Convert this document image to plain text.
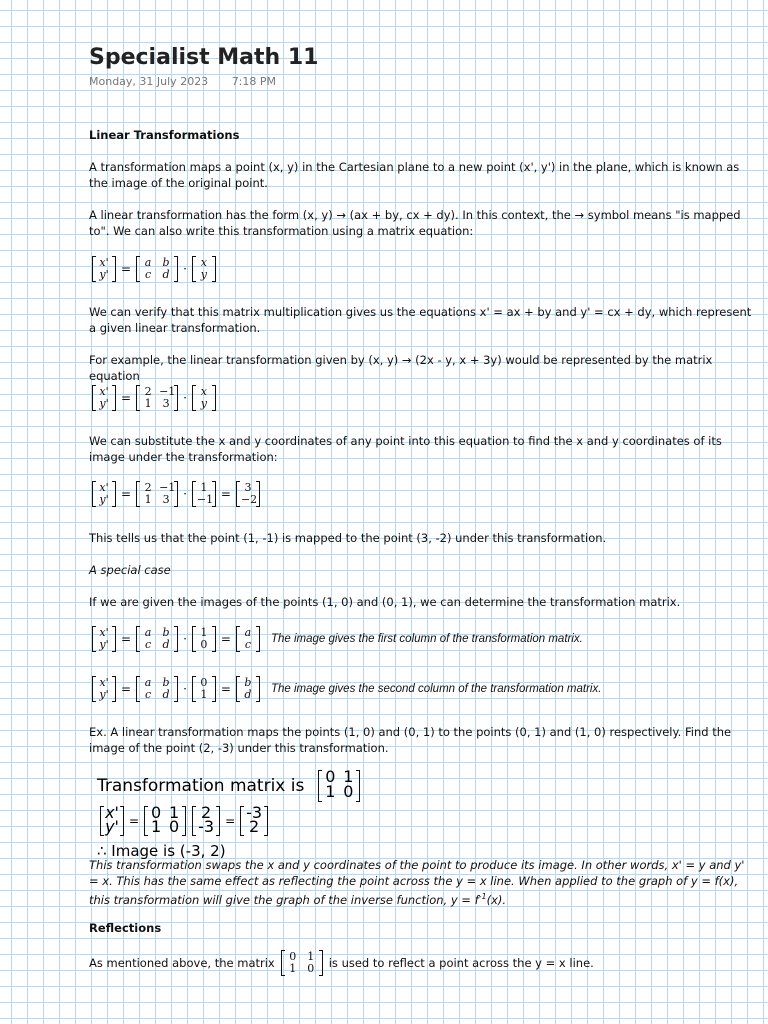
Specialist Math 11
Monday, 31 July 2023 7:18 PM

Linear Transformations

A transformation maps a point (x, y) in the Cartesian plane to a new point (x', y') in the plane, which is known as the image of the original point.

A linear transformation has the form (x, y) → (ax + by, cx + dy). In this context, the → symbol means "is mapped to". We can also write this transformation using a matrix equation:

x'
y' =	a	b
c	d ·	x
y

We can verify that this matrix multiplication gives us the equations x' = ax + by and y' = cx + dy, which represent a given linear transformation.

For example, the linear transformation given by (x, y) → (2x - y, x + 3y) would be represented by the matrix equation

x'
y' =	2 −1
1	3 ·	x
y

We can substitute the x and y coordinates of any point into this equation to find the x and y coordinates of its image under the transformation:

x'
y' =	2 −1
1	3 ·	1
−1 =	3
−2

This tells us that the point (1, -1) is mapped to the point (3, -2) under this transformation.

A special case

If we are given the images of the points (1, 0) and (0, 1), we can determine the transformation matrix.

x'
y' =	a	b
c	d ·	1
0 =	a
c	The image gives the first column of the transformation matrix.
x'
y' =	a	b
c	d ·	0
1 =	b
d	The image gives the second column of the transformation matrix.

Ex. A linear transformation maps the points (1, 0) and (0, 1) to the points (0, 1) and (1, 0) respectively. Find the image of the point (2, -3) under this transformation.

Transformation matrix is 0 1
1 0
x'
y' = 0 1
1 0
2
-3 = -3
2
∴ Image is (-3, 2)

This transformation swaps the x and y coordinates of the point to produce its image. In other words, x' = y and y' = x. This has the same effect as reflecting the point across the y = x line. When applied to the graph of y = f(x), this transformation will give the graph of the inverse function, $y = f^{-1}(x)$.

Reflections

As mentioned above, the matrix	0	1
1	0	is used to reflect a point across the y = x line.
